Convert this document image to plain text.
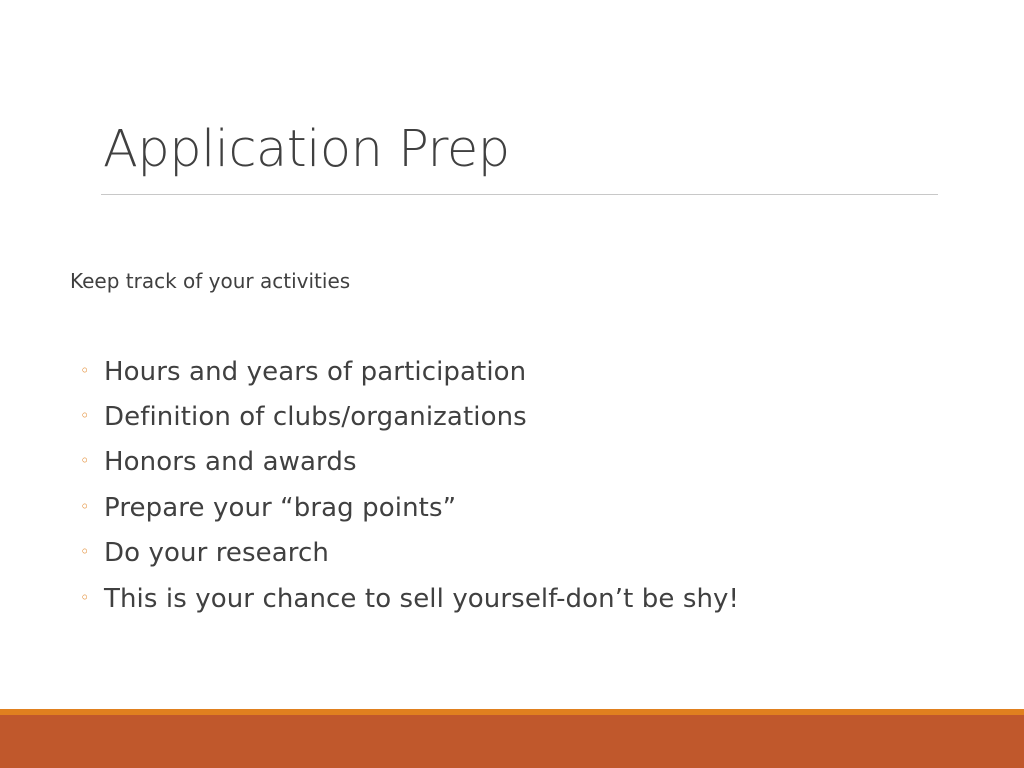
Application Prep

Keep track of your activities

◦ Hours and years of participation
◦ Definition of clubs/organizations
◦ Honors and awards
◦ Prepare your “brag points”
◦ Do your research
◦ This is your chance to sell yourself-don’t be shy!
